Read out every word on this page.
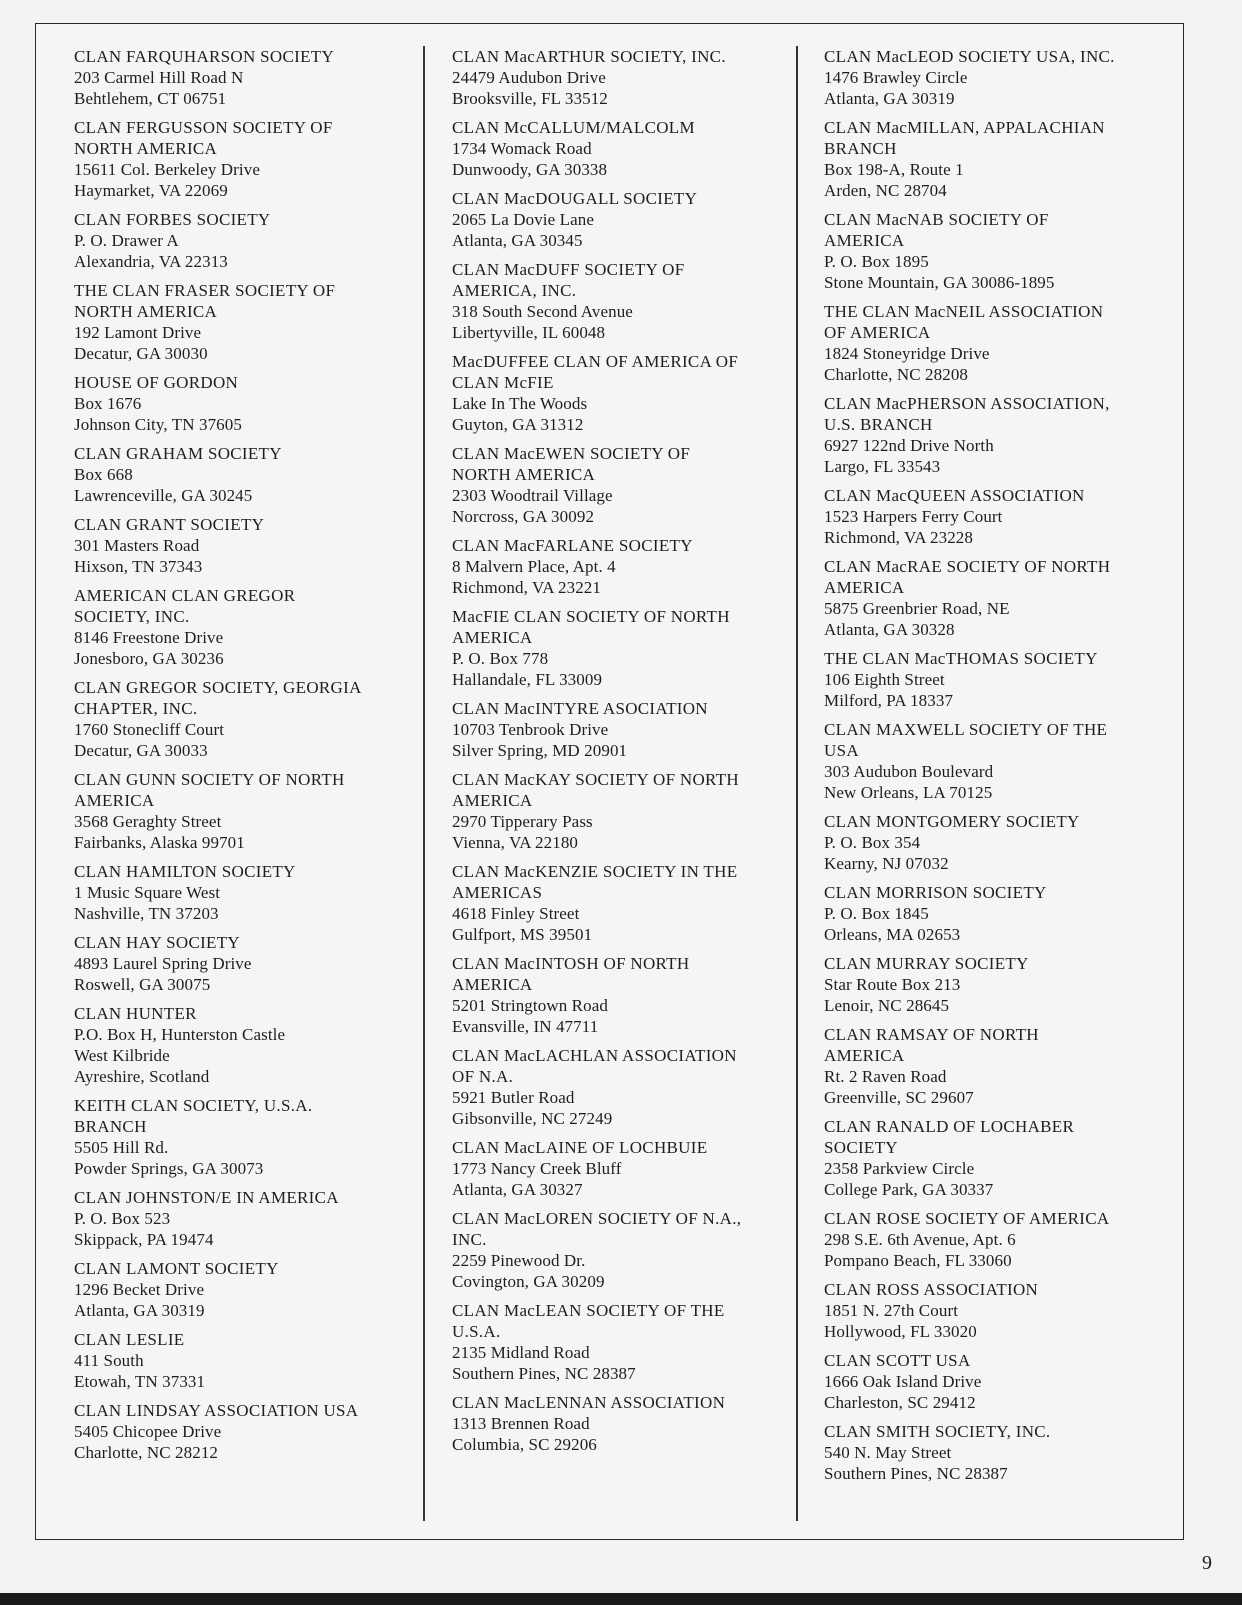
CLAN FARQUHARSON SOCIETY
203 Carmel Hill Road N
Behtlehem, CT 06751
CLAN FERGUSSON SOCIETY OF
NORTH AMERICA
15611 Col. Berkeley Drive
Haymarket, VA 22069
CLAN FORBES SOCIETY
P. O. Drawer A
Alexandria, VA 22313
THE CLAN FRASER SOCIETY OF
NORTH AMERICA
192 Lamont Drive
Decatur, GA 30030
HOUSE OF GORDON
Box 1676
Johnson City, TN 37605
CLAN GRAHAM SOCIETY
Box 668
Lawrenceville, GA 30245
CLAN GRANT SOCIETY
301 Masters Road
Hixson, TN 37343
AMERICAN CLAN GREGOR
SOCIETY, INC.
8146 Freestone Drive
Jonesboro, GA 30236
CLAN GREGOR SOCIETY, GEORGIA
CHAPTER, INC.
1760 Stonecliff Court
Decatur, GA 30033
CLAN GUNN SOCIETY OF NORTH
AMERICA
3568 Geraghty Street
Fairbanks, Alaska 99701
CLAN HAMILTON SOCIETY
1 Music Square West
Nashville, TN 37203
CLAN HAY SOCIETY
4893 Laurel Spring Drive
Roswell, GA 30075
CLAN HUNTER
P.O. Box H, Hunterston Castle
West Kilbride
Ayreshire, Scotland
KEITH CLAN SOCIETY, U.S.A.
BRANCH
5505 Hill Rd.
Powder Springs, GA 30073
CLAN JOHNSTON/E IN AMERICA
P. O. Box 523
Skippack, PA 19474
CLAN LAMONT SOCIETY
1296 Becket Drive
Atlanta, GA 30319
CLAN LESLIE
411 South
Etowah, TN 37331
CLAN LINDSAY ASSOCIATION USA
5405 Chicopee Drive
Charlotte, NC 28212
CLAN MacARTHUR SOCIETY, INC.
24479 Audubon Drive
Brooksville, FL 33512
CLAN McCALLUM/MALCOLM
1734 Womack Road
Dunwoody, GA 30338
CLAN MacDOUGALL SOCIETY
2065 La Dovie Lane
Atlanta, GA 30345
CLAN MacDUFF SOCIETY OF
AMERICA, INC.
318 South Second Avenue
Libertyville, IL 60048
MacDUFFEE CLAN OF AMERICA OF
CLAN McFIE
Lake In The Woods
Guyton, GA 31312
CLAN MacEWEN SOCIETY OF
NORTH AMERICA
2303 Woodtrail Village
Norcross, GA 30092
CLAN MacFARLANE SOCIETY
8 Malvern Place, Apt. 4
Richmond, VA 23221
MacFIE CLAN SOCIETY OF NORTH
AMERICA
P. O. Box 778
Hallandale, FL 33009
CLAN MacINTYRE ASOCIATION
10703 Tenbrook Drive
Silver Spring, MD 20901
CLAN MacKAY SOCIETY OF NORTH
AMERICA
2970 Tipperary Pass
Vienna, VA 22180
CLAN MacKENZIE SOCIETY IN THE
AMERICAS
4618 Finley Street
Gulfport, MS 39501
CLAN MacINTOSH OF NORTH
AMERICA
5201 Stringtown Road
Evansville, IN 47711
CLAN MacLACHLAN ASSOCIATION
OF N.A.
5921 Butler Road
Gibsonville, NC 27249
CLAN MacLAINE OF LOCHBUIE
1773 Nancy Creek Bluff
Atlanta, GA 30327
CLAN MacLOREN SOCIETY OF N.A.,
INC.
2259 Pinewood Dr.
Covington, GA 30209
CLAN MacLEAN SOCIETY OF THE
U.S.A.
2135 Midland Road
Southern Pines, NC 28387
CLAN MacLENNAN ASSOCIATION
1313 Brennen Road
Columbia, SC 29206
CLAN MacLEOD SOCIETY USA, INC.
1476 Brawley Circle
Atlanta, GA 30319
CLAN MacMILLAN, APPALACHIAN
BRANCH
Box 198-A, Route 1
Arden, NC 28704
CLAN MacNAB SOCIETY OF
AMERICA
P. O. Box 1895
Stone Mountain, GA 30086-1895
THE CLAN MacNEIL ASSOCIATION
OF AMERICA
1824 Stoneyridge Drive
Charlotte, NC 28208
CLAN MacPHERSON ASSOCIATION,
U.S. BRANCH
6927 122nd Drive North
Largo, FL 33543
CLAN MacQUEEN ASSOCIATION
1523 Harpers Ferry Court
Richmond, VA 23228
CLAN MacRAE SOCIETY OF NORTH
AMERICA
5875 Greenbrier Road, NE
Atlanta, GA 30328
THE CLAN MacTHOMAS SOCIETY
106 Eighth Street
Milford, PA 18337
CLAN MAXWELL SOCIETY OF THE
USA
303 Audubon Boulevard
New Orleans, LA 70125
CLAN MONTGOMERY SOCIETY
P. O. Box 354
Kearny, NJ 07032
CLAN MORRISON SOCIETY
P. O. Box 1845
Orleans, MA 02653
CLAN MURRAY SOCIETY
Star Route Box 213
Lenoir, NC 28645
CLAN RAMSAY OF NORTH
AMERICA
Rt. 2 Raven Road
Greenville, SC 29607
CLAN RANALD OF LOCHABER
SOCIETY
2358 Parkview Circle
College Park, GA 30337
CLAN ROSE SOCIETY OF AMERICA
298 S.E. 6th Avenue, Apt. 6
Pompano Beach, FL 33060
CLAN ROSS ASSOCIATION
1851 N. 27th Court
Hollywood, FL 33020
CLAN SCOTT USA
1666 Oak Island Drive
Charleston, SC 29412
CLAN SMITH SOCIETY, INC.
540 N. May Street
Southern Pines, NC 28387
9
